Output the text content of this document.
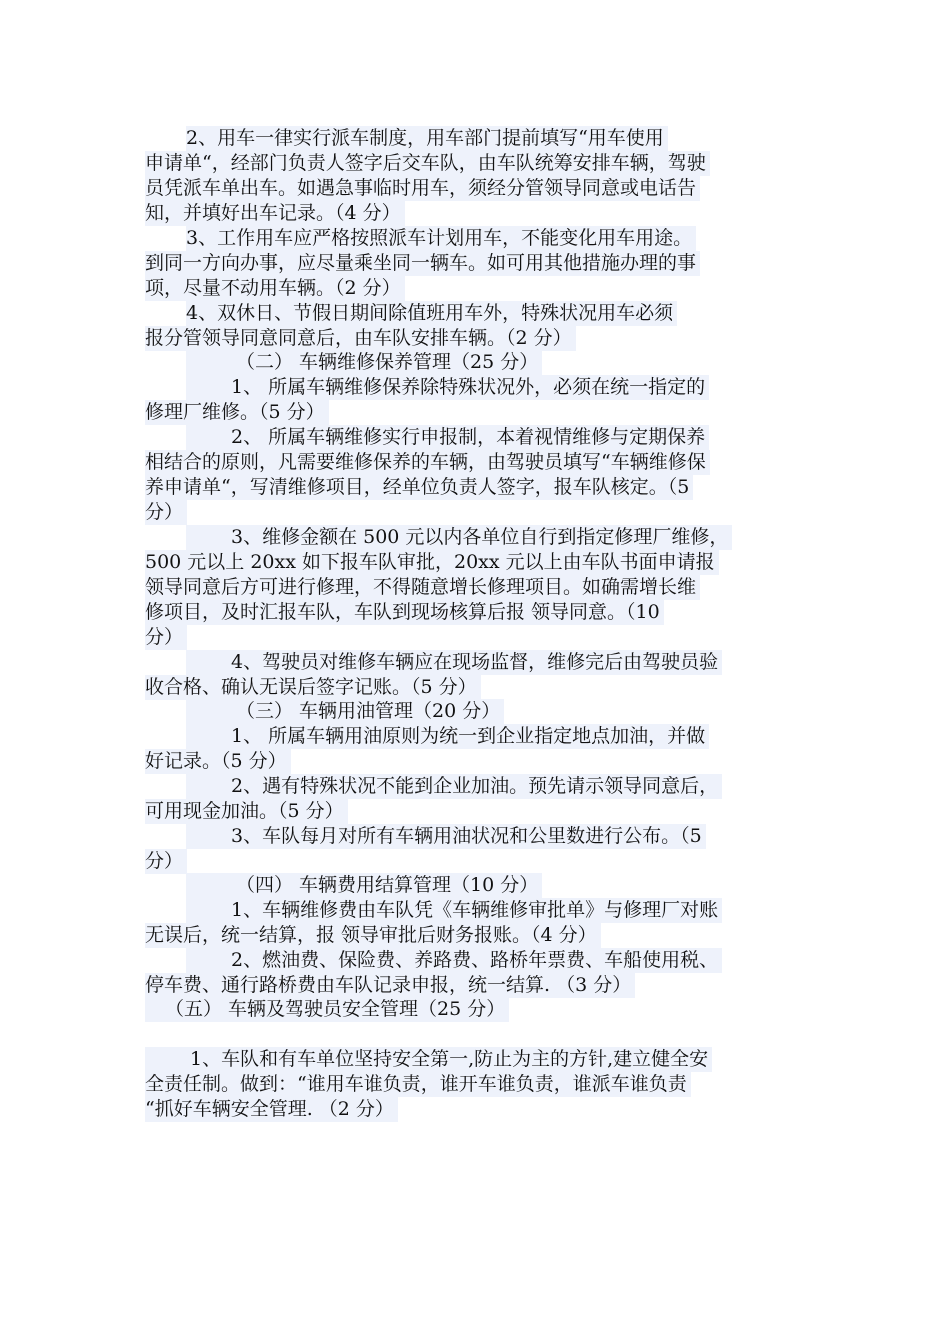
2、用车一律实行派车制度，用车部门提前填写“用车使用
申请单“，经部门负责人签字后交车队，由车队统筹安排车辆，驾驶
员凭派车单出车。如遇急事临时用车，须经分管领导同意或电话告
知，并填好出车记录。（4 分）
3、工作用车应严格按照派车计划用车，不能变化用车用途。
到同一方向办事，应尽量乘坐同一辆车。如可用其他措施办理的事
项，尽量不动用车辆。（2 分）
4、双休日、节假日期间除值班用车外，特殊状况用车必须
报分管领导同意同意后，由车队安排车辆。（2 分）
（二） 车辆维修保养管理（25 分）
1、 所属车辆维修保养除特殊状况外，必须在统一指定的
修理厂维修。（5 分）
2、 所属车辆维修实行申报制，本着视情维修与定期保养
相结合的原则，凡需要维修保养的车辆，由驾驶员填写“车辆维修保
养申请单“，写清维修项目，经单位负责人签字，报车队核定。（5
分）
3、维修金额在 500 元以内各单位自行到指定修理厂维修，
500 元以上 20xx 如下报车队审批，20xx 元以上由车队书面申请报
领导同意后方可进行修理，不得随意增长修理项目。如确需增长维
修项目，及时汇报车队，车队到现场核算后报 领导同意。（10
分）
4、驾驶员对维修车辆应在现场监督，维修完后由驾驶员验
收合格、确认无误后签字记账。（5 分）
（三） 车辆用油管理（20 分）
1、 所属车辆用油原则为统一到企业指定地点加油，并做
好记录。（5 分）
2、遇有特殊状况不能到企业加油。预先请示领导同意后，
可用现金加油。（5 分）
3、车队每月对所有车辆用油状况和公里数进行公布。（5
分）
（四） 车辆费用结算管理（10 分）
1、车辆维修费由车队凭《车辆维修审批单》与修理厂对账
无误后，统一结算，报 领导审批后财务报账。（4 分）
2、燃油费、保险费、养路费、路桥年票费、车船使用税、
停车费、通行路桥费由车队记录申报，统一结算. （3 分）
（五） 车辆及驾驶员安全管理（25 分）
1、车队和有车单位坚持安全第一,防止为主的方针,建立健全安
全责任制。做到：“谁用车谁负责，谁开车谁负责，谁派车谁负责
“抓好车辆安全管理. （2 分）
